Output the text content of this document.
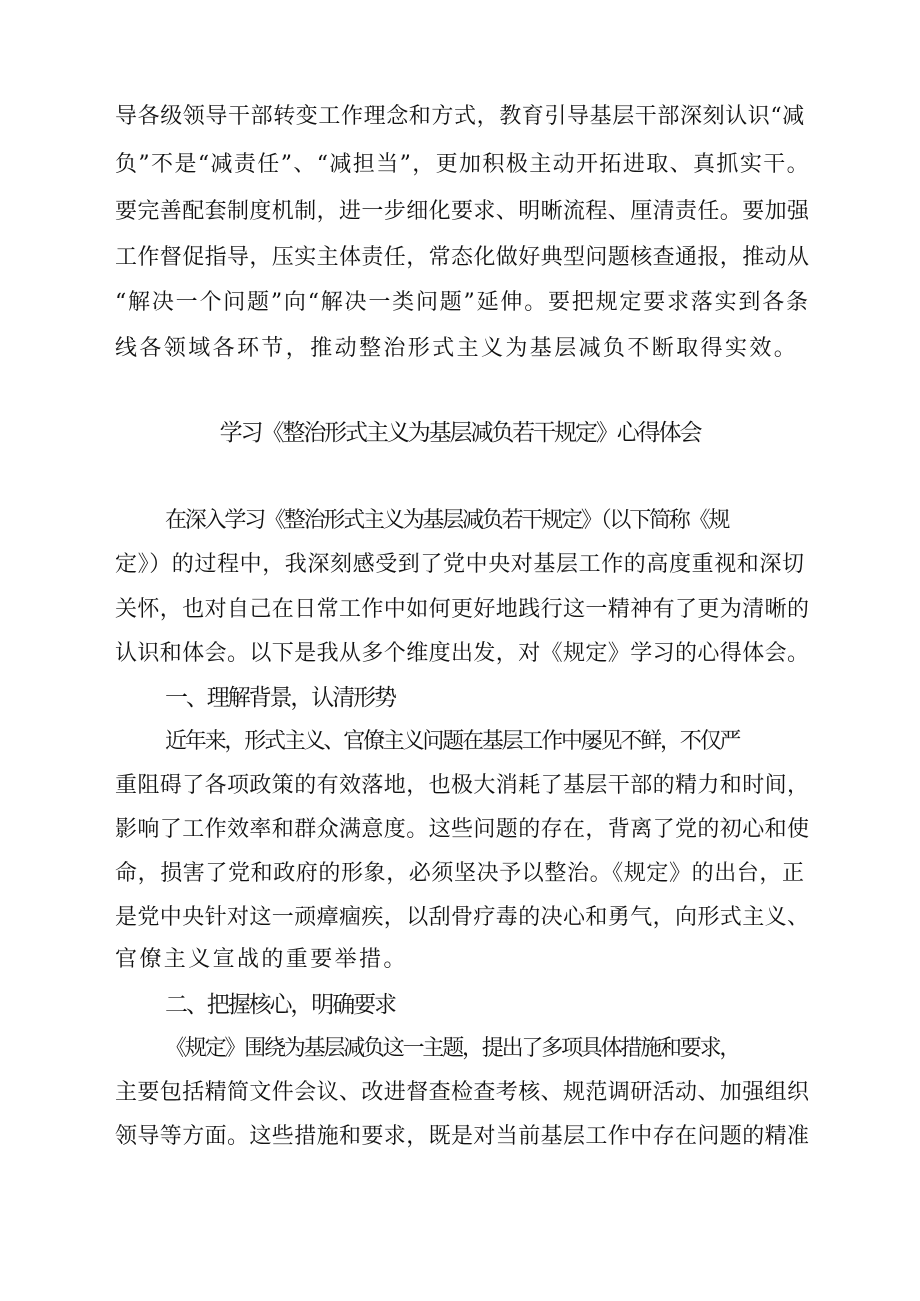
导各级领导干部转变工作理念和方式，教育引导基层干部深刻认识“减
负”不是“减责任”、“减担当”，更加积极主动开拓进取、真抓实干。
要完善配套制度机制，进一步细化要求、明晰流程、厘清责任。要加强
工作督促指导，压实主体责任，常态化做好典型问题核查通报，推动从
“解决一个问题”向“解决一类问题”延伸。要把规定要求落实到各条
线各领域各环节，推动整治形式主义为基层减负不断取得实效。
学习《整治形式主义为基层减负若干规定》心得体会
在深入学习《整治形式主义为基层减负若干规定》（以下简称《规
定》）的过程中，我深刻感受到了党中央对基层工作的高度重视和深切
关怀，也对自己在日常工作中如何更好地践行这一精神有了更为清晰的
认识和体会。以下是我从多个维度出发，对《规定》学习的心得体会。
一、理解背景，认清形势
近年来，形式主义、官僚主义问题在基层工作中屡见不鲜，不仅严
重阻碍了各项政策的有效落地，也极大消耗了基层干部的精力和时间，
影响了工作效率和群众满意度。这些问题的存在，背离了党的初心和使
命，损害了党和政府的形象，必须坚决予以整治。《规定》的出台，正
是党中央针对这一顽瘴痼疾，以刮骨疗毒的决心和勇气，向形式主义、
官僚主义宣战的重要举措。
二、把握核心，明确要求
《规定》围绕为基层减负这一主题，提出了多项具体措施和要求，
主要包括精简文件会议、改进督查检查考核、规范调研活动、加强组织
领导等方面。这些措施和要求，既是对当前基层工作中存在问题的精准
